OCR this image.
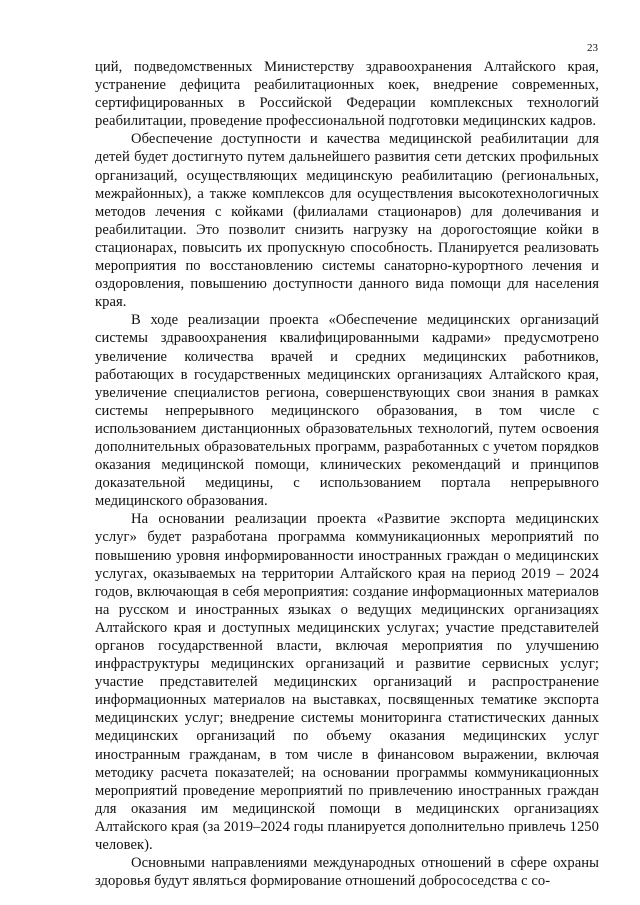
23

ций, подведомственных Министерству здравоохранения Алтайского края, устранение дефицита реабилитационных коек, внедрение современных, сертифицированных в Российской Федерации комплексных технологий реабилитации, проведение профессиональной подготовки медицинских кадров.

Обеспечение доступности и качества медицинской реабилитации для детей будет достигнуто путем дальнейшего развития сети детских профильных организаций, осуществляющих медицинскую реабилитацию (региональных, межрайонных), а также комплексов для осуществления высокотехнологичных методов лечения с койками (филиалами стационаров) для долечивания и реабилитации. Это позволит снизить нагрузку на дорогостоящие койки в стационарах, повысить их пропускную способность. Планируется реализовать мероприятия по восстановлению системы санаторно-курортного лечения и оздоровления, повышению доступности данного вида помощи для населения края.

В ходе реализации проекта «Обеспечение медицинских организаций системы здравоохранения квалифицированными кадрами» предусмотрено увеличение количества врачей и средних медицинских работников, работающих в государственных медицинских организациях Алтайского края, увеличение специалистов региона, совершенствующих свои знания в рамках системы непрерывного медицинского образования, в том числе с использованием дистанционных образовательных технологий, путем освоения дополнительных образовательных программ, разработанных с учетом порядков оказания медицинской помощи, клинических рекомендаций и принципов доказательной медицины, с использованием портала непрерывного медицинского образования.

На основании реализации проекта «Развитие экспорта медицинских услуг» будет разработана программа коммуникационных мероприятий по повышению уровня информированности иностранных граждан о медицинских услугах, оказываемых на территории Алтайского края на период 2019 – 2024 годов, включающая в себя мероприятия: создание информационных материалов на русском и иностранных языках о ведущих медицинских организациях Алтайского края и доступных медицинских услугах; участие представителей органов государственной власти, включая мероприятия по улучшению инфраструктуры медицинских организаций и развитие сервисных услуг; участие представителей медицинских организаций и распространение информационных материалов на выставках, посвященных тематике экспорта медицинских услуг; внедрение системы мониторинга статистических данных медицинских организаций по объему оказания медицинских услуг иностранным гражданам, в том числе в финансовом выражении, включая методику расчета показателей; на основании программы коммуникационных мероприятий проведение мероприятий по привлечению иностранных граждан для оказания им медицинской помощи в медицинских организациях Алтайского края (за 2019–2024 годы планируется дополнительно привлечь 1250 человек).

Основными направлениями международных отношений в сфере охраны здоровья будут являться формирование отношений добрососедства с со-
